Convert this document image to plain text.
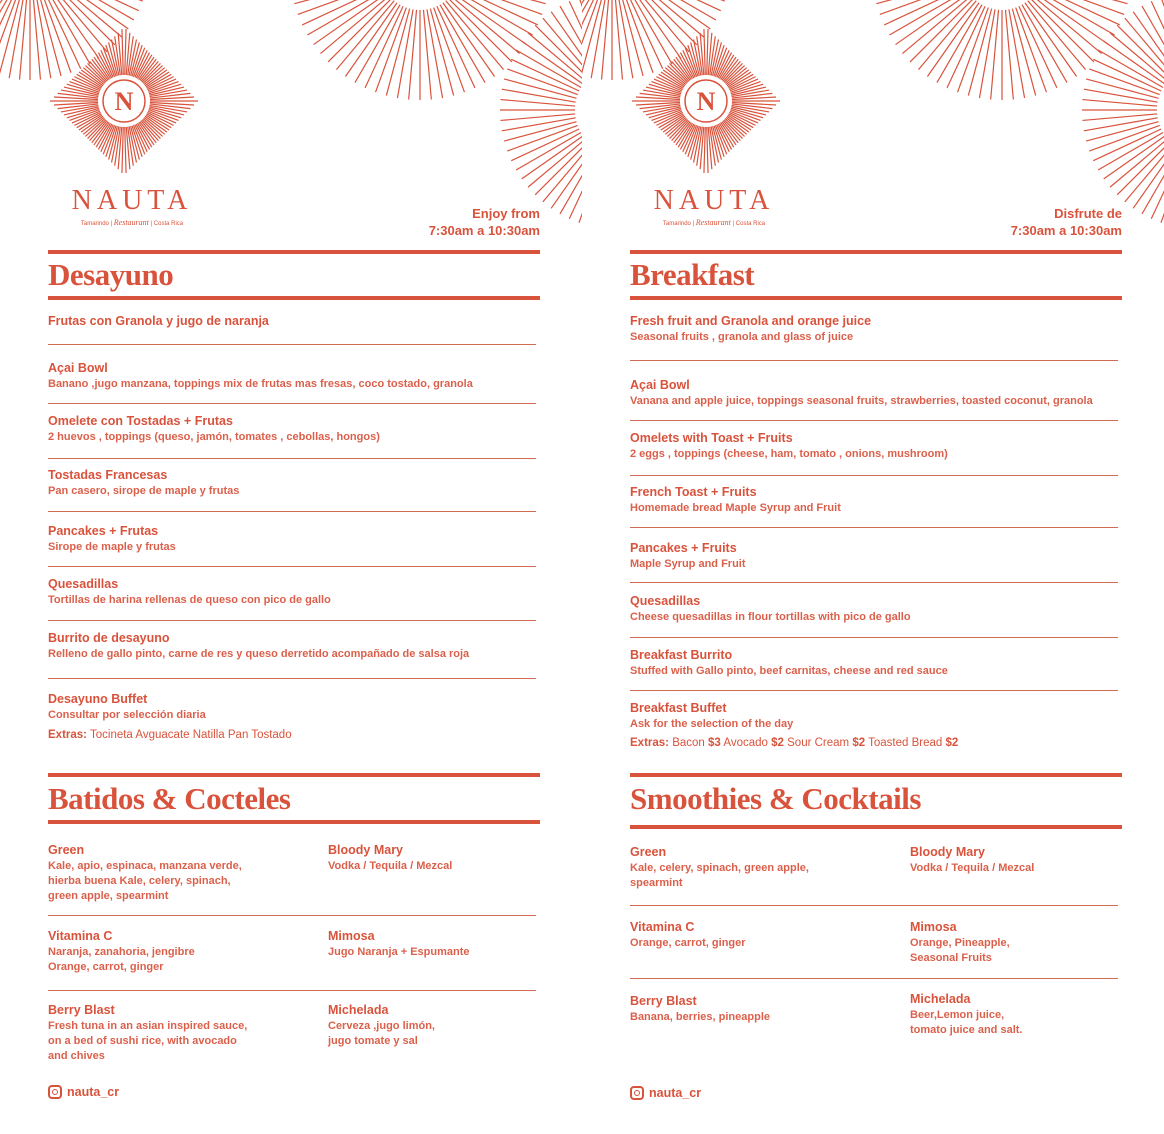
N
NAUTA
Tamarindo | Restaurant | Costa Rica
Enjoy from
7:30am a 10:30am
Desayuno
Frutas con Granola y jugo de naranja
Açai Bowl
Banano ,jugo manzana, toppings mix de frutas mas fresas, coco tostado, granola
Omelete con Tostadas + Frutas
2 huevos , toppings (queso, jamón, tomates , cebollas, hongos)
Tostadas Francesas
Pan casero, sirope de maple y frutas
Pancakes + Frutas
Sirope de maple y frutas
Quesadillas
Tortillas de harina rellenas de queso con pico de gallo
Burrito de desayuno
Relleno de gallo pinto, carne de res y queso derretido acompañado de salsa roja
Desayuno Buffet
Consultar por selección diaria
Extras: Tocineta Avguacate Natilla Pan Tostado
Batidos & Cocteles
Green
Kale, apio, espinaca, manzana verde,
hierba buena Kale, celery, spinach,
green apple, spearmint
Bloody Mary
Vodka / Tequila / Mezcal
Vitamina C
Naranja, zanahoria, jengibre
Orange, carrot, ginger
Mimosa
Jugo Naranja + Espumante
Berry Blast
Fresh tuna in an asian inspired sauce,
on a bed of sushi rice, with avocado
and chives
Michelada
Cerveza ,jugo limón,
jugo tomate y sal
nauta_cr
N
NAUTA
Tamarindo | Restaurant | Costa Rica
Disfrute de
7:30am a 10:30am
Breakfast
Fresh fruit and Granola and orange juice
Seasonal fruits , granola and glass of juice
Açai Bowl
Vanana and apple juice, toppings seasonal fruits, strawberries, toasted coconut, granola
Omelets with Toast + Fruits
2 eggs , toppings (cheese, ham, tomato , onions, mushroom)
French Toast + Fruits
Homemade bread Maple Syrup and Fruit
Pancakes + Fruits
Maple Syrup and Fruit
Quesadillas
Cheese quesadillas in flour tortillas with pico de gallo
Breakfast Burrito
Stuffed with Gallo pinto, beef carnitas, cheese and red sauce
Breakfast Buffet
Ask for the selection of the day
Extras: Bacon $3 Avocado $2 Sour Cream $2 Toasted Bread $2
Smoothies & Cocktails
Green
Kale, celery, spinach, green apple,
spearmint
Bloody Mary
Vodka / Tequila / Mezcal
Vitamina C
Orange, carrot, ginger
Mimosa
Orange, Pineapple,
Seasonal Fruits
Berry Blast
Banana, berries, pineapple
Michelada
Beer,Lemon juice,
tomato juice and salt.
nauta_cr
